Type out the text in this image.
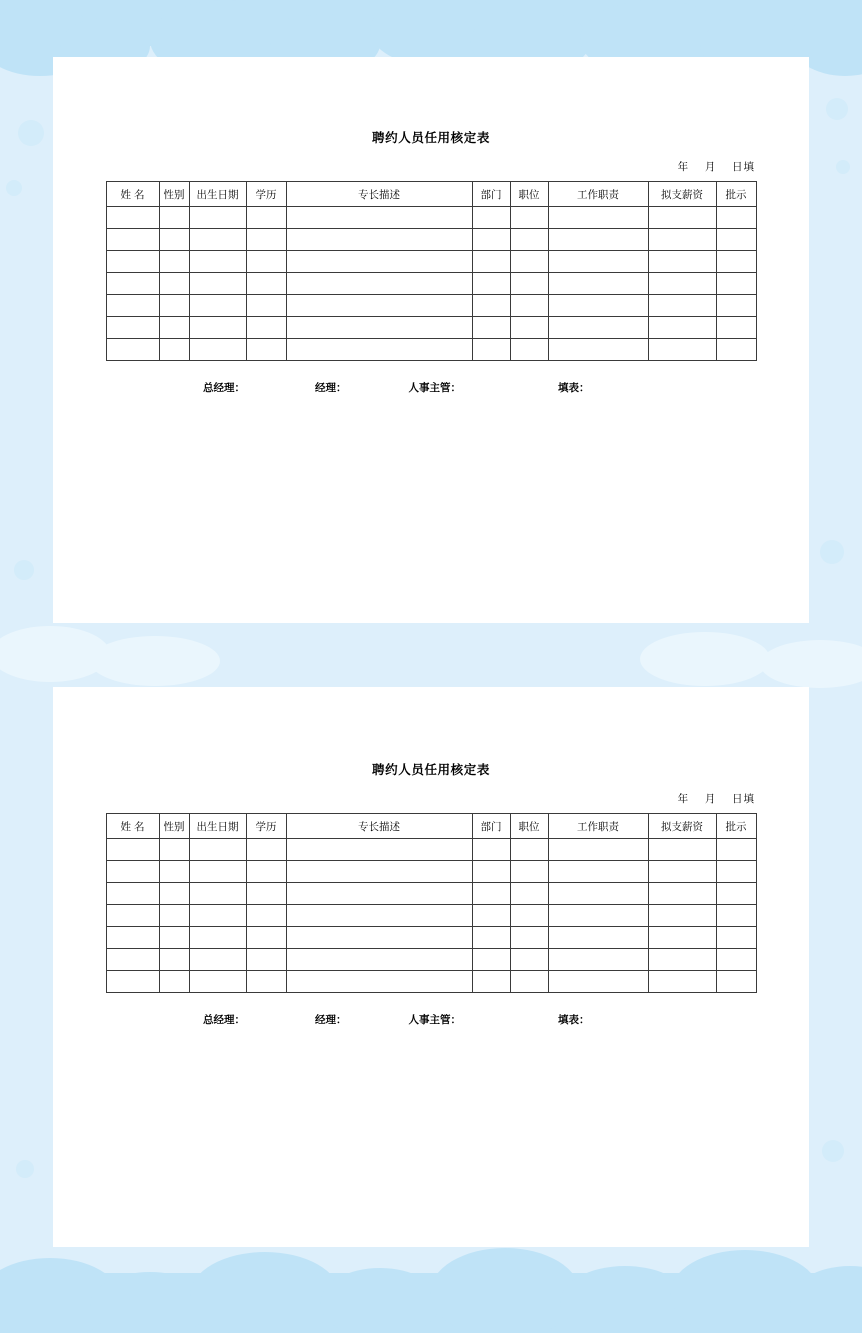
聘约人员任用核定表
年    月    日填
姓 名	性别	出生日期	学历	专长描述	部门	职位	工作职责	拟支薪资	批示

总经理：	经理：	人事主管：	填表：
聘约人员任用核定表
年    月    日填
姓 名	性别	出生日期	学历	专长描述	部门	职位	工作职责	拟支薪资	批示

总经理：	经理：	人事主管：	填表：
